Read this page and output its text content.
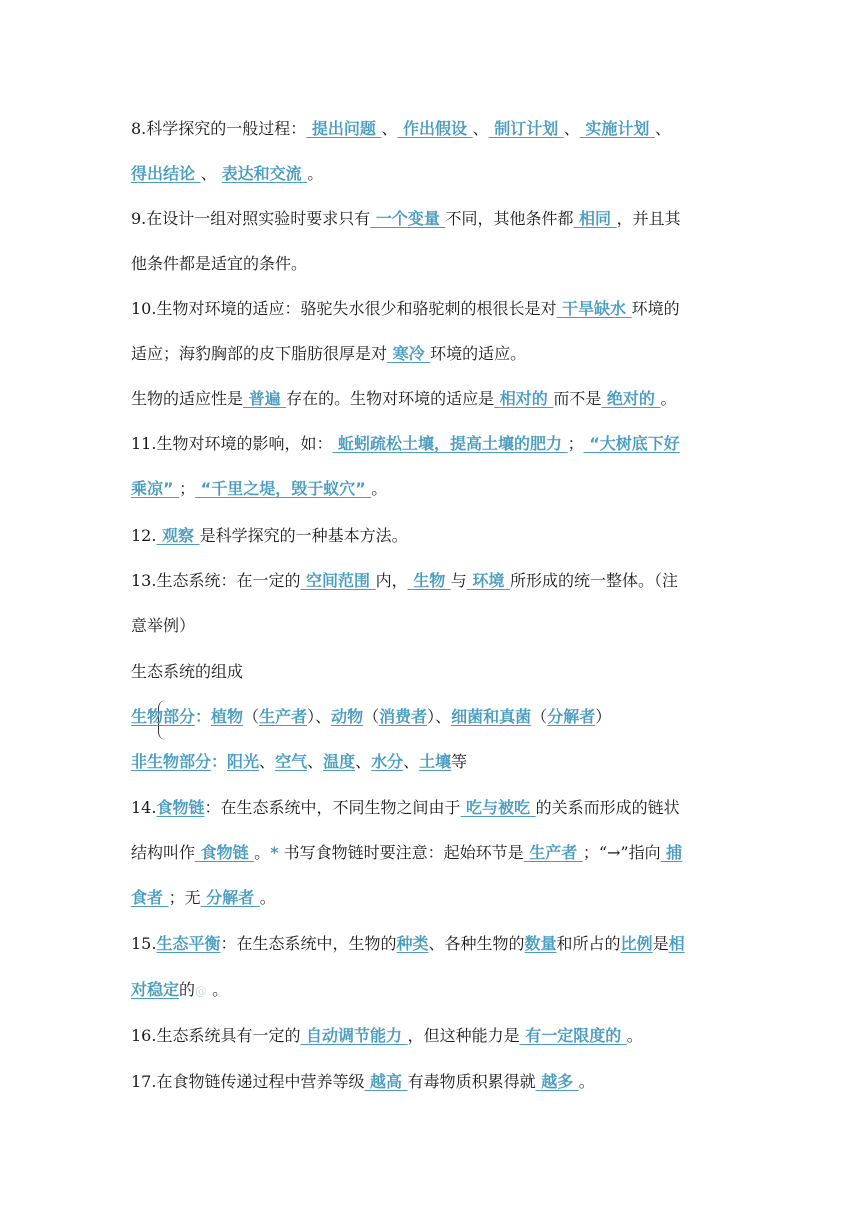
8.科学探究的一般过程： 提出问题 、 作出假设 、 制订计划 、 实施计划 、
得出结论 、 表达和交流 。
9.在设计一组对照实验时要求只有 一个变量 不同，其他条件都 相同 ，并且其
他条件都是适宜的条件。
10.生物对环境的适应：骆驼失水很少和骆驼刺的根很长是对 干旱缺水 环境的
适应；海豹胸部的皮下脂肪很厚是对 寒冷 环境的适应。
生物的适应性是 普遍 存在的。生物对环境的适应是 相对的 而不是 绝对的 。
11.生物对环境的影响，如： 蚯蚓疏松土壤，提高土壤的肥力 ； “大树底下好
乘凉” ； “千里之堤，毁于蚁穴” 。
12. 观察 是科学探究的一种基本方法。
13.生态系统：在一定的 空间范围 内， 生物 与 环境 所形成的统一整体。（注
意举例）
生态系统的组成
生物部分：植物（生产者）、动物（消费者）、细菌和真菌（分解者）
非生物部分：阳光、空气、温度、水分、土壤等
14.食物链：在生态系统中，不同生物之间由于 吃与被吃 的关系而形成的链状
结构叫作 食物链 。* 书写食物链时要注意：起始环节是 生产者 ；“→”指向 捕
食者 ；无 分解者 。
15.生态平衡：在生态系统中，生物的种类、各种生物的数量和所占的比例是相
对稳定的@ 。
16.生态系统具有一定的 自动调节能力 ，但这种能力是 有一定限度的 。
17.在食物链传递过程中营养等级 越高 有毒物质积累得就 越多 。
